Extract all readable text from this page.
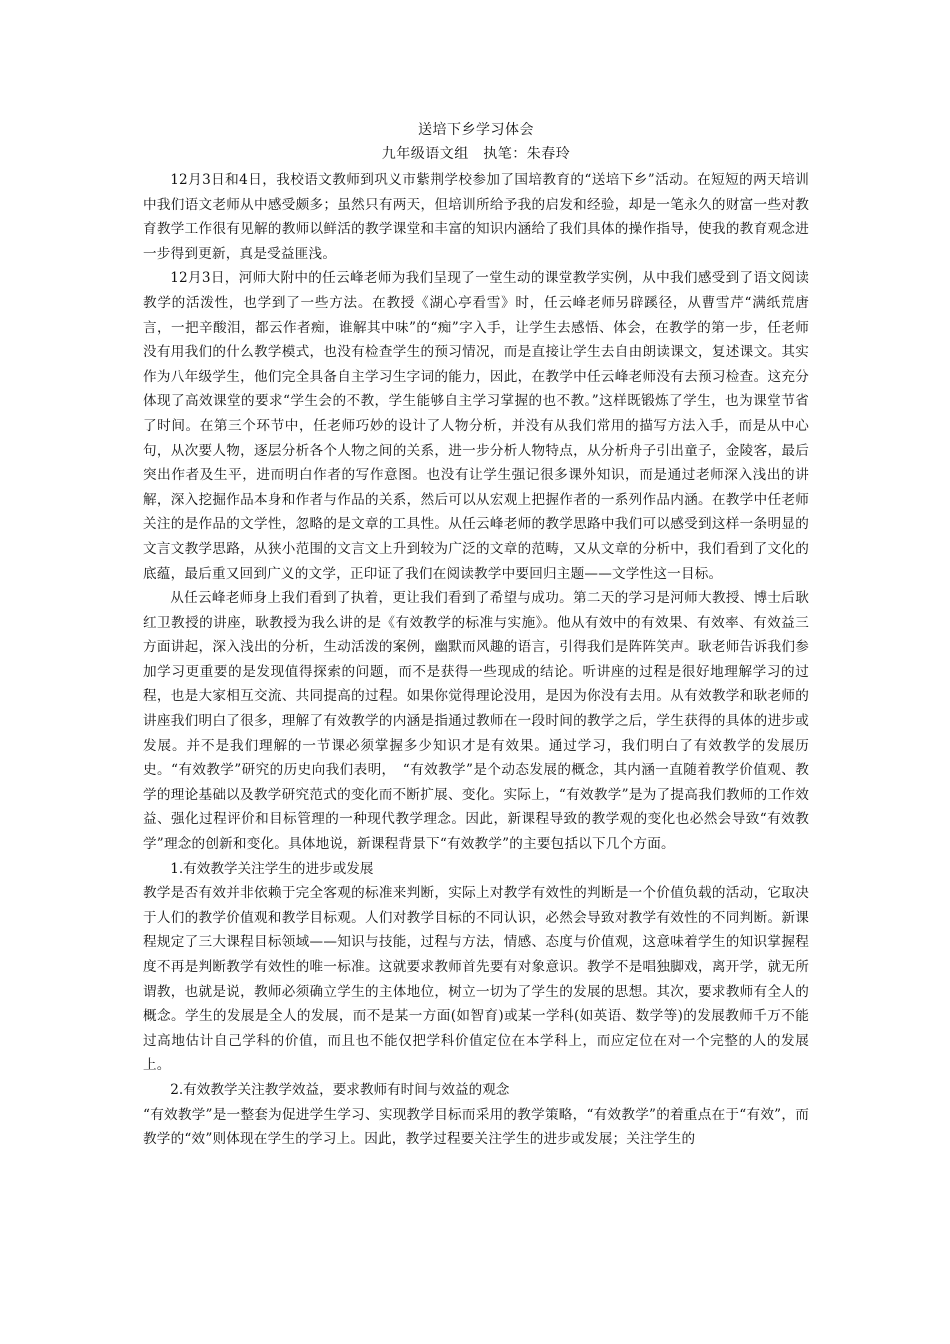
送培下乡学习体会
九年级语文组　执笔：朱春玲

12月3日和4日，我校语文教师到巩义市紫荆学校参加了国培教育的“送培下乡”活动。在短短的两天培训中我们语文老师从中感受颇多；虽然只有两天，但培训所给予我的启发和经验，却是一笔永久的财富一些对教育教学工作很有见解的教师以鲜活的教学课堂和丰富的知识内涵给了我们具体的操作指导，使我的教育观念进一步得到更新，真是受益匪浅。

12月3日，河师大附中的任云峰老师为我们呈现了一堂生动的课堂教学实例，从中我们感受到了语文阅读教学的活泼性，也学到了一些方法。在教授《湖心亭看雪》时，任云峰老师另辟蹊径，从曹雪芹“满纸荒唐言，一把辛酸泪，都云作者痴，谁解其中味”的“痴”字入手，让学生去感悟、体会，在教学的第一步，任老师没有用我们的什么教学模式，也没有检查学生的预习情况，而是直接让学生去自由朗读课文，复述课文。其实作为八年级学生，他们完全具备自主学习生字词的能力，因此，在教学中任云峰老师没有去预习检查。这充分体现了高效课堂的要求“学生会的不教，学生能够自主学习掌握的也不教。”这样既锻炼了学生，也为课堂节省了时间。在第三个环节中，任老师巧妙的设计了人物分析，并没有从我们常用的描写方法入手，而是从中心句，从次要人物，逐层分析各个人物之间的关系，进一步分析人物特点，从分析舟子引出童子，金陵客，最后突出作者及生平，进而明白作者的写作意图。也没有让学生强记很多课外知识，而是通过老师深入浅出的讲解，深入挖掘作品本身和作者与作品的关系，然后可以从宏观上把握作者的一系列作品内涵。在教学中任老师关注的是作品的文学性，忽略的是文章的工具性。从任云峰老师的教学思路中我们可以感受到这样一条明显的文言文教学思路，从狭小范围的文言文上升到较为广泛的文章的范畴，又从文章的分析中，我们看到了文化的底蕴，最后重又回到广义的文学，正印证了我们在阅读教学中要回归主题——文学性这一目标。

从任云峰老师身上我们看到了执着，更让我们看到了希望与成功。第二天的学习是河师大教授、博士后耿红卫教授的讲座，耿教授为我么讲的是《有效教学的标准与实施》。他从有效中的有效果、有效率、有效益三方面讲起，深入浅出的分析，生动活泼的案例，幽默而风趣的语言，引得我们是阵阵笑声。耿老师告诉我们参加学习更重要的是发现值得探索的问题，而不是获得一些现成的结论。听讲座的过程是很好地理解学习的过程，也是大家相互交流、共同提高的过程。如果你觉得理论没用，是因为你没有去用。从有效教学和耿老师的讲座我们明白了很多，理解了有效教学的内涵是指通过教师在一段时间的教学之后，学生获得的具体的进步或发展。并不是我们理解的一节课必须掌握多少知识才是有效果。通过学习，我们明白了有效教学的发展历史。“有效教学”研究的历史向我们表明，　“有效教学”是个动态发展的概念，其内涵一直随着教学价值观、教学的理论基础以及教学研究范式的变化而不断扩展、变化。实际上，“有效教学”是为了提高我们教师的工作效益、强化过程评价和目标管理的一种现代教学理念。因此，新课程导致的教学观的变化也必然会导致“有效教学”理念的创新和变化。具体地说，新课程背景下“有效教学”的主要包括以下几个方面。

1.有效教学关注学生的进步或发展

教学是否有效并非依赖于完全客观的标准来判断，实际上对教学有效性的判断是一个价值负载的活动，它取决于人们的教学价值观和教学目标观。人们对教学目标的不同认识，必然会导致对教学有效性的不同判断。新课程规定了三大课程目标领域——知识与技能，过程与方法，情感、态度与价值观，这意味着学生的知识掌握程度不再是判断教学有效性的唯一标准。这就要求教师首先要有对象意识。教学不是唱独脚戏，离开学，就无所谓教，也就是说，教师必须确立学生的主体地位，树立一切为了学生的发展的思想。其次，要求教师有全人的概念。学生的发展是全人的发展，而不是某一方面(如智育)或某一学科(如英语、数学等)的发展教师千万不能过高地估计自己学科的价值，而且也不能仅把学科价值定位在本学科上，而应定位在对一个完整的人的发展上。

2.有效教学关注教学效益，要求教师有时间与效益的观念

“有效教学”是一整套为促进学生学习、实现教学目标而采用的教学策略，“有效教学”的着重点在于“有效”，而教学的“效”则体现在学生的学习上。因此，教学过程要关注学生的进步或发展；关注学生的
